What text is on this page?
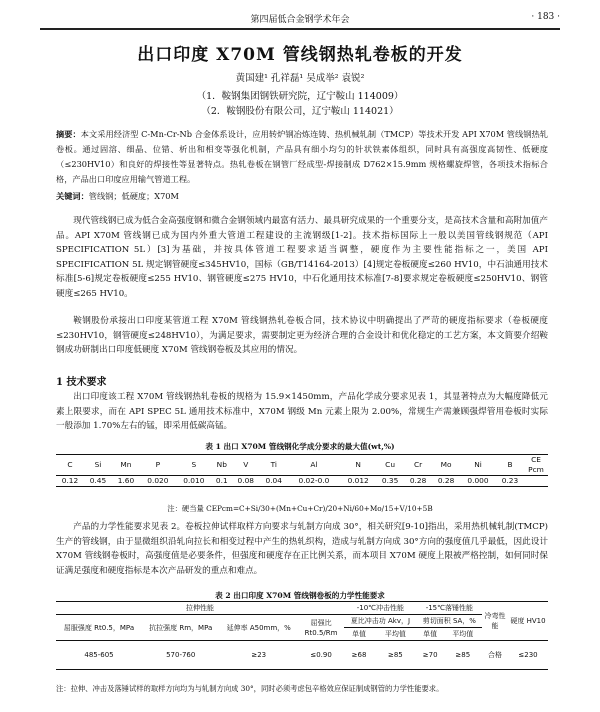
第四届低合金钢学术年会	· 183 ·
出口印度 X70M 管线钢热轧卷板的开发
黄国建¹ 孔祥磊¹ 吴成举² 袁锐²
（1．鞍钢集团钢铁研究院，辽宁鞍山 114009）
（2．鞍钢股份有限公司，辽宁鞍山 114021）
摘要：本文采用经济型 C-Mn-Cr-Nb 合金体系设计，应用转炉钢冶炼连铸、热机械轧制（TMCP）等技术开发 API X70M 管线钢热轧卷板。通过固溶、细晶、位错、析出和相变等强化机制，产品具有细小均匀的针状铁素体组织，同时具有高强度高韧性、低硬度（≤230HV10）和良好的焊接性等显著特点。热轧卷板在钢管厂经成型-焊接制成 D762×15.9mm 规格螺旋焊管，各项技术指标合格，产品出口印度应用输气管道工程。
关键词：管线钢；低硬度；X70M
现代管线钢已成为低合金高强度钢和微合金钢领域内最富有活力、最具研究成果的一个重要分支，是高技术含量和高附加值产品。API X70M 管线钢已成为国内外重大管道工程建设的主流钢级[1-2]。技术指标国际上一般以美国管线钢规范（API SPECIFICATION 5L）[3]为基础，并按具体管道工程要求适当调整，硬度作为主要性能指标之一，美国 API SPECIFICATION 5L 规定钢管硬度≤345HV10，国标（GB/T14164-2013）[4]规定卷板硬度≤260 HV10，中石油通用技术标准[5-6]规定卷板硬度≤255 HV10、钢管硬度≤275 HV10，中石化通用技术标准[7-8]要求规定卷板硬度≤250HV10、钢管硬度≤265 HV10。
鞍钢股份承接出口印度某管道工程 X70M 管线钢热轧卷板合同，技术协议中明确提出了严苛的硬度指标要求（卷板硬度≤230HV10，钢管硬度≤248HV10），为满足要求，需要制定更为经济合理的合金设计和优化稳定的工艺方案，本文简要介绍鞍钢成功研制出口印度低硬度 X70M 管线钢卷板及其应用的情况。
1 技术要求
出口印度该工程 X70M 管线钢热轧卷板的规格为 15.9×1450mm，产品化学成分要求见表 1，其显著特点为大幅度降低元素上限要求，而在 API SPEC 5L 通用技术标准中，X70M 钢级 Mn 元素上限为 2.00%，常规生产需兼顾强焊管用卷板时实际一般添加 1.70%左右的锰，即采用低碳高锰。
表 1 出口 X70M 管线钢化学成分要求的最大值(wt,%)
C	Si	Mn	P	S	Nb	V	Ti	Al	N	Cu	Cr	Mo	Ni	B	CE Pcm
0.12	0.45	1.60	0.020	0.010	0.1	0.08	0.04	0.02-0.0	0.012	0.35	0.28	0.28	0.000	0.23	
注：硬当量 CEPcm=C+Si/30+(Mn+Cu+Cr)/20+Ni/60+Mo/15+V/10+5B
产品的力学性能要求见表 2。卷板拉伸试样取样方向要求与轧制方向成 30°，相关研究[9-10]指出，采用热机械轧制(TMCP)生产的管线钢，由于显微组织沿轧向拉长和相变过程中产生的热轧织构，造成与轧制方向成 30°方向的强度值几乎最低，因此设计 X70M 管线钢卷板时，高强度值是必要条件，但强度和硬度存在正比例关系，而本项目 X70M 硬度上限被严格控制，如何同时保证满足强度和硬度指标是本次产品研发的重点和难点。
表 2 出口印度 X70M 管线钢卷板的力学性能要求
拉伸性能				-10℃冲击性能		-15℃落锤性能		冷弯性能	硬度 HV10
屈服强度 Rt0.5，MPa	抗拉强度 Rm，MPa	延伸率 A50mm，%	屈强比 Rt0.5/Rm	夏比冲击功 Akv，J		剪切面积 SA，%			
				单值	平均值	单值	平均值		
485-605	570-760	≥23	≤0.90	≥68	≥85	≥70	≥85	合格	≤230
注：拉伸、冲击及落锤试样的取样方向均为与轧制方向成 30°，同时必须考虑包辛格效应保证制成钢管的力学性能要求。
